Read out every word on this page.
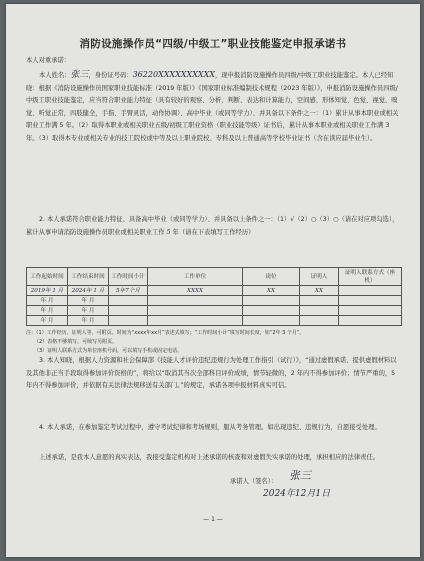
消防设施操作员“四级/中级工”职业技能鉴定申报承诺书
本人对重承诺：
本人姓名：张三，身份证号码：36220XXXXXXXXXX，现申报消防设施操作员四级/中级工职业技能鉴定。本人已经知晓：根据《消防设施操作员国家职业技能标准（2019 年版）》《国家职业标准编制技术规程（2023 年版）》，申报消防设施操作员四级/中级工职业技能鉴定，应当符合职业能力特征（具有较好的观察、分析、判断、表达和计算能力，空间感、形体知觉、色觉、视觉、嗅觉、听觉正常，四肢健全，手指、手臂灵活，动作协调）、高中毕业（或同等学力）、并具备以下条件之一：（1）累计从事本职业或相关职业工作满 5 年。（2）取得本职业或相关职业五级/初级工职业资格（职业技能等级）证书后，累计从事本职业或相关职业工作满 3 年。（3）取得本专业或相关专业的技工院校或中等及以上职业院校、专科及以上普通高等学校毕业证书（含在读应届毕业生）。
2. 本人承诺符合职业能力特征、具备高中毕业（或同等学力）、并具备以上条件之一：（1）√（2）○（3）○（请在对应项勾选），累计从事申请消防设施操作员职业或相关职业工作 5 年（请在下表填写工作经历）
工作起始时间	工作结束时间	工作时间小计	工作单位	岗位	证明人	证明人联系方式（座机）
2019年 1 月	2024年 1 月	5年7个月	XXXX	XX	XX	
年 月	年 月					
年 月	年 月					
年 月	年 月					
注：（1）工作经历、证明人等，可附页。时间为“xxxx年xx月”表述式填写；“工作时间小计”填写时间长度，如“2年 3 个月”。
（2）表格不够填写，可续写另附页。
（3）证明人联系方式为单位座机号码，可以填写手机或固定电话。
3. 本人知晓，根据人力资源和社会保障部《技能人才评价违纪违规行为处理工作指引（试行）》，“通过虚假承诺、提供虚假材料以及其他非正当手段取得参加评价资格的”，将给以“取消其当次全部科目评价成绩，情节轻微的，2 年内不得参加评价；情节严重的，5 年内不得参加评价，并依据有关法律法规移送有关部门。”的规定，承诺各项申报材料真实可信。
4. 本人承诺，在参加鉴定考试过程中，遵守考试纪律和考场规则，服从考务管理。如出现违纪、违规行为，自愿接受处理。
上述承诺，是我本人意愿的真实表达，我接受鉴定机构对上述承诺的核查和对虚假失实承诺的处理，承担相应的法律责任。
承诺人（签名）： 张三
2024年12月1日
— 1 —
